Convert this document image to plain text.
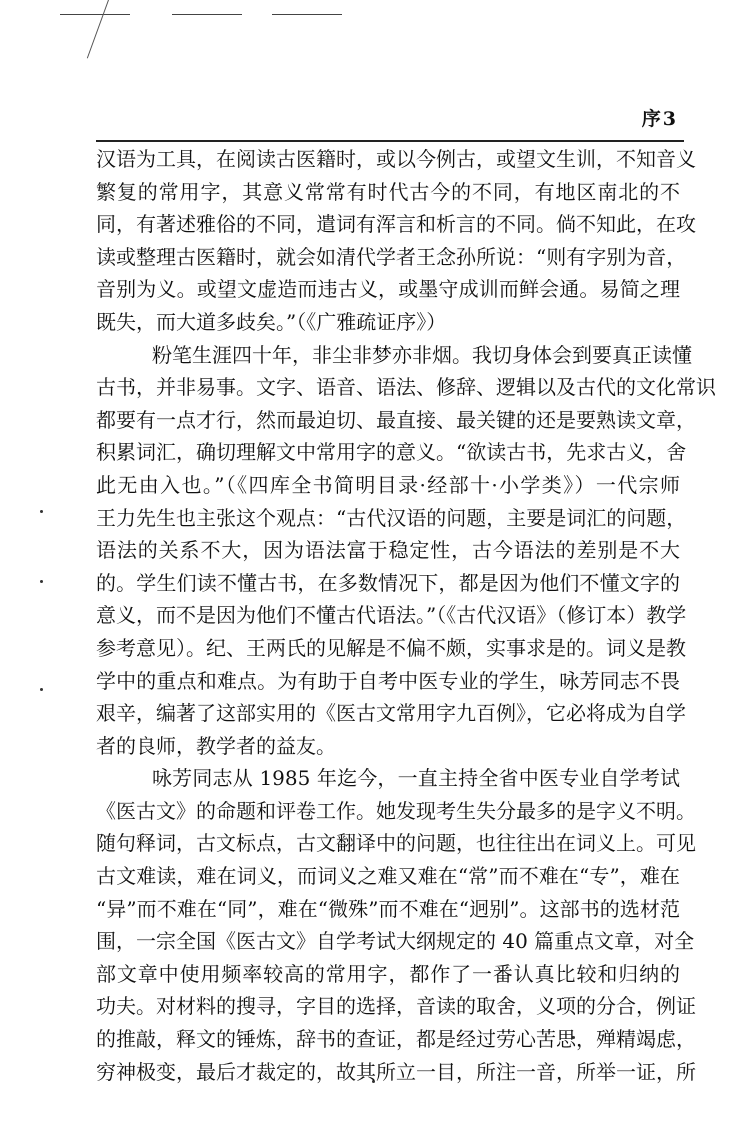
序3
汉语为工具，在阅读古医籍时，或以今例古，或望文生训，不知音义
繁复的常用字，其意义常常有时代古今的不同，有地区南北的不
同，有著述雅俗的不同，遣词有浑言和析言的不同。倘不知此，在攻
读或整理古医籍时，就会如清代学者王念孙所说：“则有字别为音，
音别为义。或望文虚造而违古义，或墨守成训而鲜会通。易简之理
既失，而大道多歧矣。”（《广雅疏证序》）
粉笔生涯四十年，非尘非梦亦非烟。我切身体会到要真正读懂
古书，并非易事。文字、语音、语法、修辞、逻辑以及古代的文化常识
都要有一点才行，然而最迫切、最直接、最关键的还是要熟读文章，
积累词汇，确切理解文中常用字的意义。“欲读古书，先求古义，舍
此无由入也。”（《四库全书简明目录·经部十·小学类》）一代宗师
王力先生也主张这个观点：“古代汉语的问题，主要是词汇的问题，
语法的关系不大，因为语法富于稳定性，古今语法的差别是不大
的。学生们读不懂古书，在多数情况下，都是因为他们不懂文字的
意义，而不是因为他们不懂古代语法。”（《古代汉语》（修订本）教学
参考意见）。纪、王两氏的见解是不偏不颇，实事求是的。词义是教
学中的重点和难点。为有助于自考中医专业的学生，咏芳同志不畏
艰辛，编著了这部实用的《医古文常用字九百例》，它必将成为自学
者的良师，教学者的益友。
咏芳同志从 1985 年迄今，一直主持全省中医专业自学考试
《医古文》的命题和评卷工作。她发现考生失分最多的是字义不明。
随句释词，古文标点，古文翻译中的问题，也往往出在词义上。可见
古文难读，难在词义，而词义之难又难在“常”而不难在“专”，难在
“异”而不难在“同”，难在“微殊”而不难在“迥别”。这部书的选材范
围，一宗全国《医古文》自学考试大纲规定的 40 篇重点文章，对全
部文章中使用频率较高的常用字，都作了一番认真比较和归纳的
功夫。对材料的搜寻，字目的选择，音读的取舍，义项的分合，例证
的推敲，释文的锤炼，辞书的查证，都是经过劳心苦思，殚精竭虑，
穷神极变，最后才裁定的，故其所立一目，所注一音，所举一证，所
